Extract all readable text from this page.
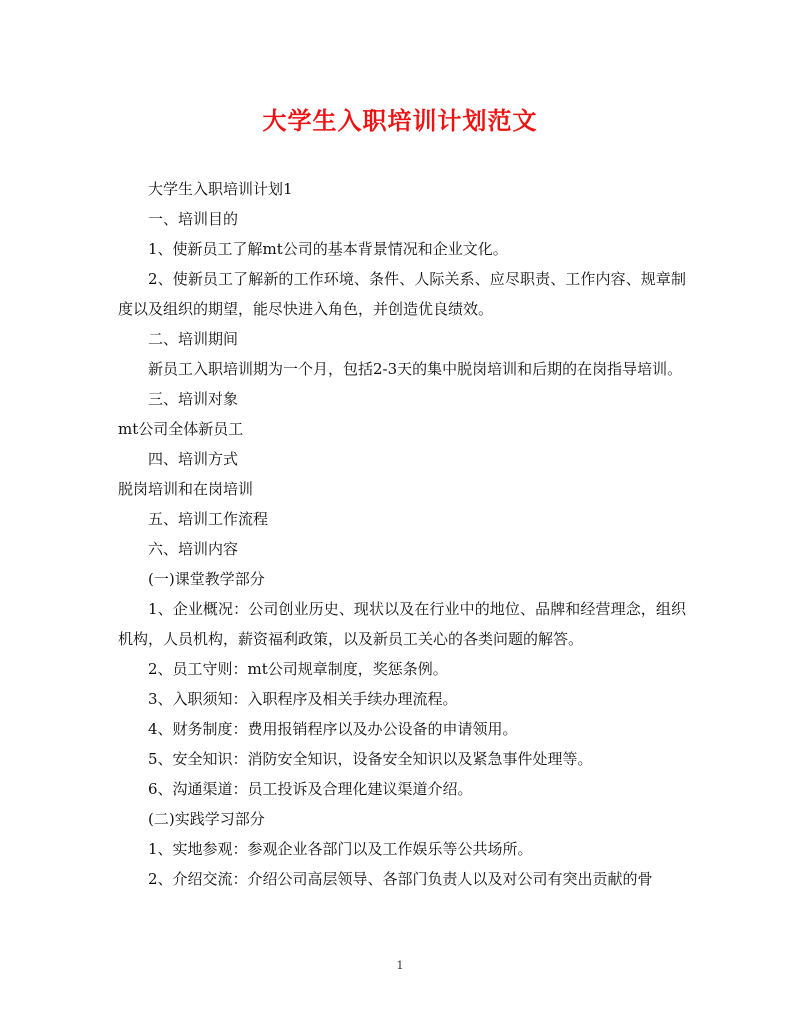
大学生入职培训计划范文

大学生入职培训计划1

一、培训目的

1、使新员工了解mt公司的基本背景情况和企业文化。

2、使新员工了解新的工作环境、条件、人际关系、应尽职责、工作内容、规章制度以及组织的期望，能尽快进入角色，并创造优良绩效。

二、培训期间

新员工入职培训期为一个月，包括2-3天的集中脱岗培训和后期的在岗指导培训。

三、培训对象

mt公司全体新员工

四、培训方式

脱岗培训和在岗培训

五、培训工作流程

六、培训内容

(一)课堂教学部分

1、企业概况：公司创业历史、现状以及在行业中的地位、品牌和经营理念，组织机构，人员机构，薪资福利政策，以及新员工关心的各类问题的解答。

2、员工守则：mt公司规章制度，奖惩条例。

3、入职须知：入职程序及相关手续办理流程。

4、财务制度：费用报销程序以及办公设备的申请领用。

5、安全知识：消防安全知识，设备安全知识以及紧急事件处理等。

6、沟通渠道：员工投诉及合理化建议渠道介绍。

(二)实践学习部分

1、实地参观：参观企业各部门以及工作娱乐等公共场所。

2、介绍交流：介绍公司高层领导、各部门负责人以及对公司有突出贡献的骨

1
